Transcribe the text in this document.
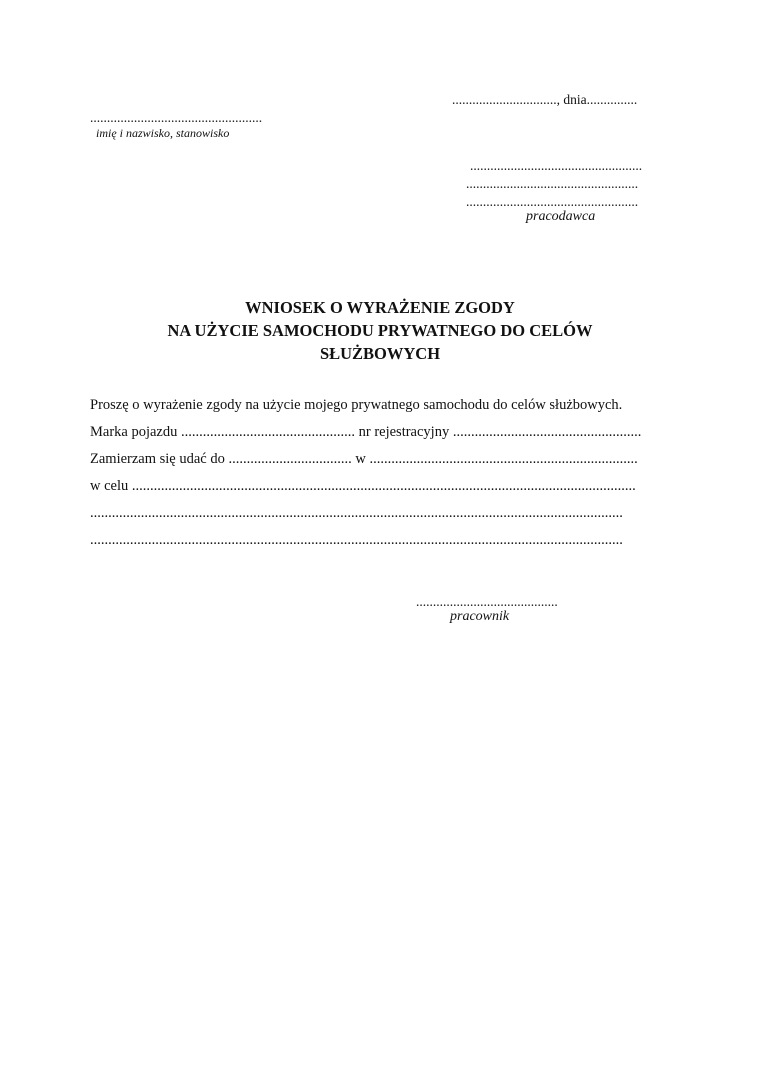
..............................., dnia...............
...................................................
imię i nazwisko, stanowisko
...................................................
...................................................
...................................................
pracodawca
WNIOSEK O WYRAŻENIE ZGODY
NA UŻYCIE SAMOCHODU PRYWATNEGO DO CELÓW
SŁUŻBOWYCH
Proszę o wyrażenie zgody na użycie mojego prywatnego samochodu do celów służbowych.
Marka pojazdu ................................................ nr rejestracyjny ....................................................
Zamierzam się udać do .................................. w ..........................................................................
w celu ...........................................................................................................................................
...................................................................................................................................................
...................................................................................................................................................
..........................................
pracownik
